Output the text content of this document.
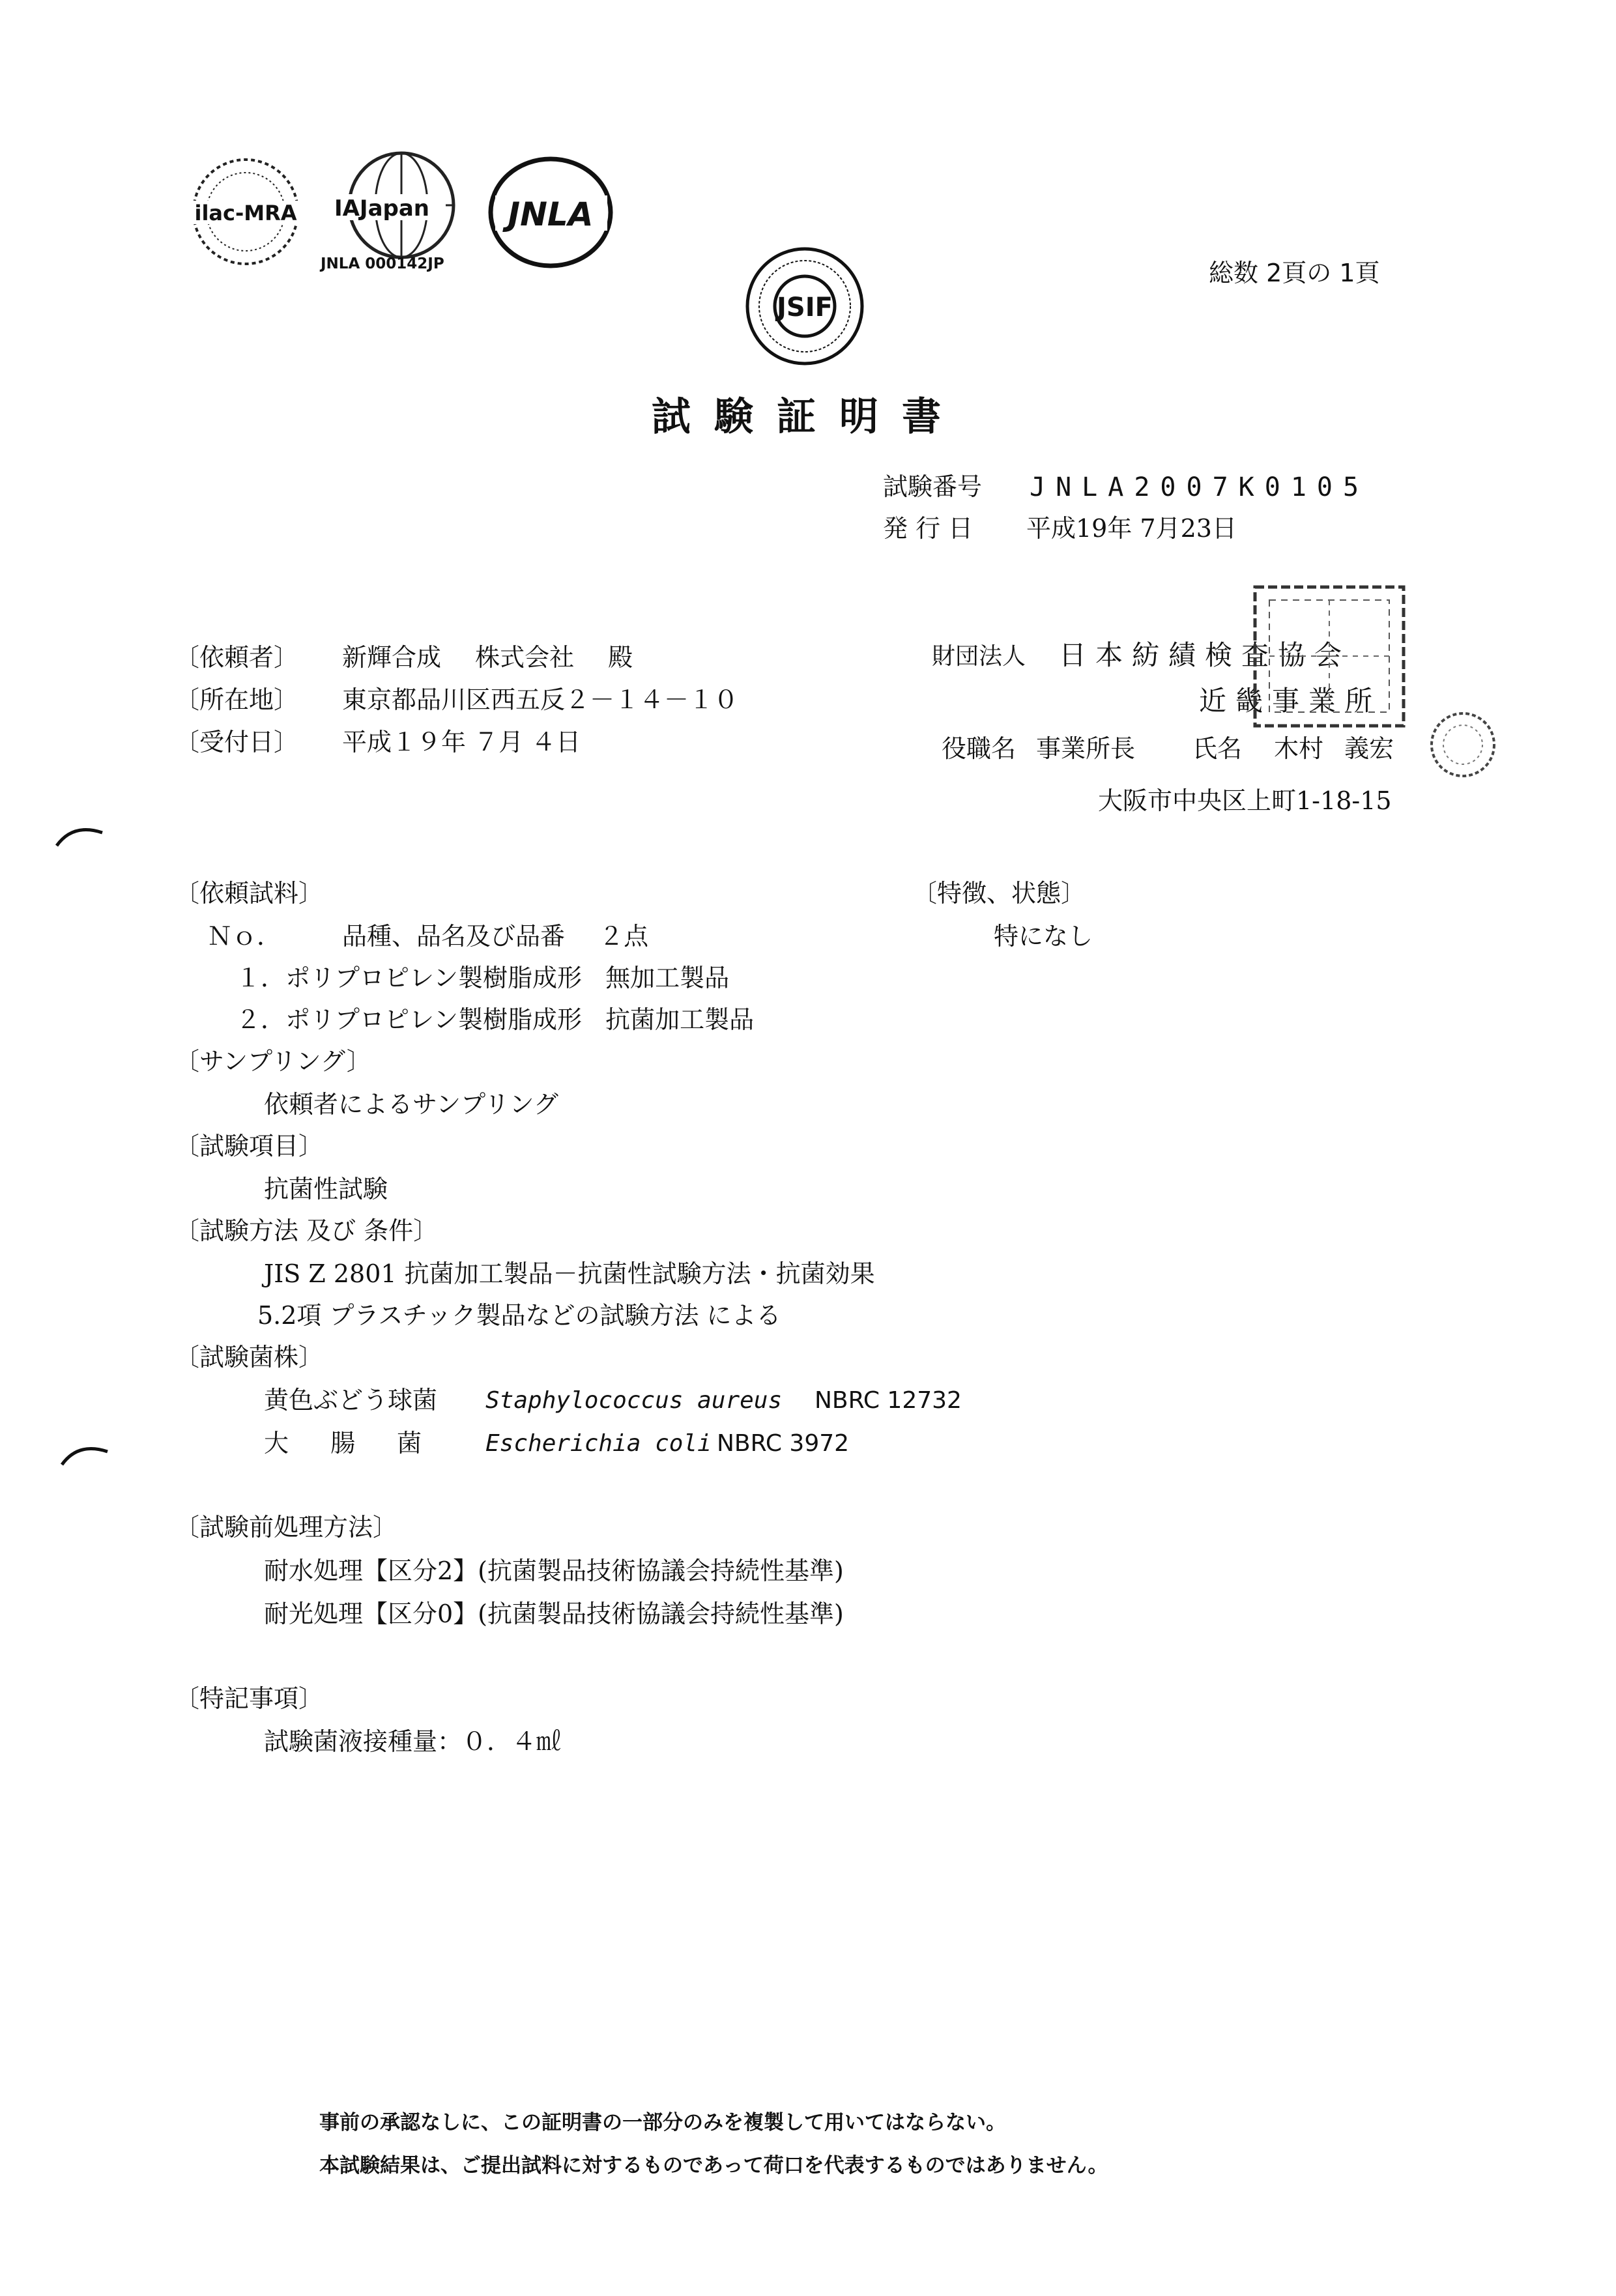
ilac-MRA IAJapan
JNLA 000142JP
JNLA
JSIF
総数 2頁の 1頁
試験証明書
試験番号 JNLA2007K0105
発 行 日 平成19年 7月23日
〔依頼者〕 新輝合成 株式会社 殿
〔所在地〕 東京都品川区西五反２－１４－１０
〔受付日〕 平成１９年 ７月 ４日
財団法人 日本紡績検査協会
近畿事業所
役職名 事業所長 氏名 木村 義宏
大阪市中央区上町1-18-15
〔依頼試料〕
Ｎｏ． 品種、品名及び品番 ２点
１．ポリプロピレン製樹脂成形 無加工製品
２．ポリプロピレン製樹脂成形 抗菌加工製品
〔特徴、状態〕
特になし
〔サンプリング〕
依頼者によるサンプリング
〔試験項目〕
抗菌性試験
〔試験方法 及び 条件〕
JIS Z 2801 抗菌加工製品－抗菌性試験方法・抗菌効果
5.2項 プラスチック製品などの試験方法 による
〔試験菌株〕
黄色ぶどう球菌 Staphylococcus aureus NBRC 12732
大 腸 菌	Escherichia coli NBRC 3972
〔試験前処理方法〕
耐水処理【区分2】(抗菌製品技術協議会持続性基準)
耐光処理【区分0】(抗菌製品技術協議会持続性基準)
〔特記事項〕
試験菌液接種量：０．４㎖
事前の承認なしに、この証明書の一部分のみを複製して用いてはならない。
本試験結果は、ご提出試料に対するものであって荷口を代表するものではありません。
